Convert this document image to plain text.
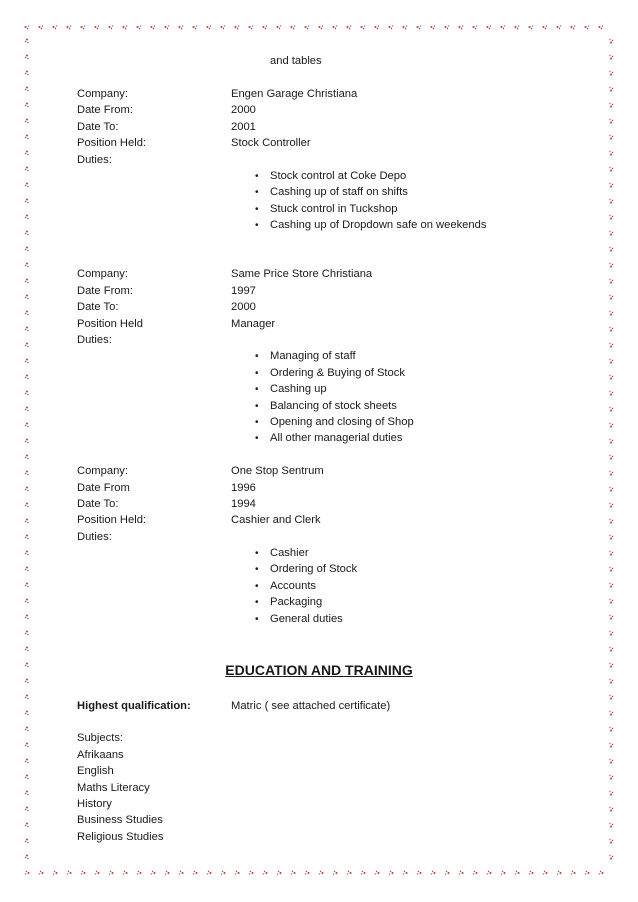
and tables
Company:	Engen Garage Christiana
Date From:	2000
Date To:	2001
Position Held:	Stock Controller
Duties:
• Stock control at Coke Depo
• Cashing up of staff on shifts
• Stuck control in Tuckshop
• Cashing up of Dropdown safe on weekends
Company:	Same Price Store Christiana
Date From:	1997
Date To:	2000
Position Held	Manager
Duties:
• Managing of staff
• Ordering & Buying of Stock
• Cashing up
• Balancing of stock sheets
• Opening and closing of Shop
• All other managerial duties
Company:	One Stop Sentrum
Date From	1996
Date To:	1994
Position Held:	Cashier and Clerk
Duties:
• Cashier
• Ordering of Stock
• Accounts
• Packaging
• General duties
EDUCATION AND TRAINING
Highest qualification:	Matric ( see attached certificate)
Subjects:
Afrikaans
English
Maths Literacy
History
Business Studies
Religious Studies
